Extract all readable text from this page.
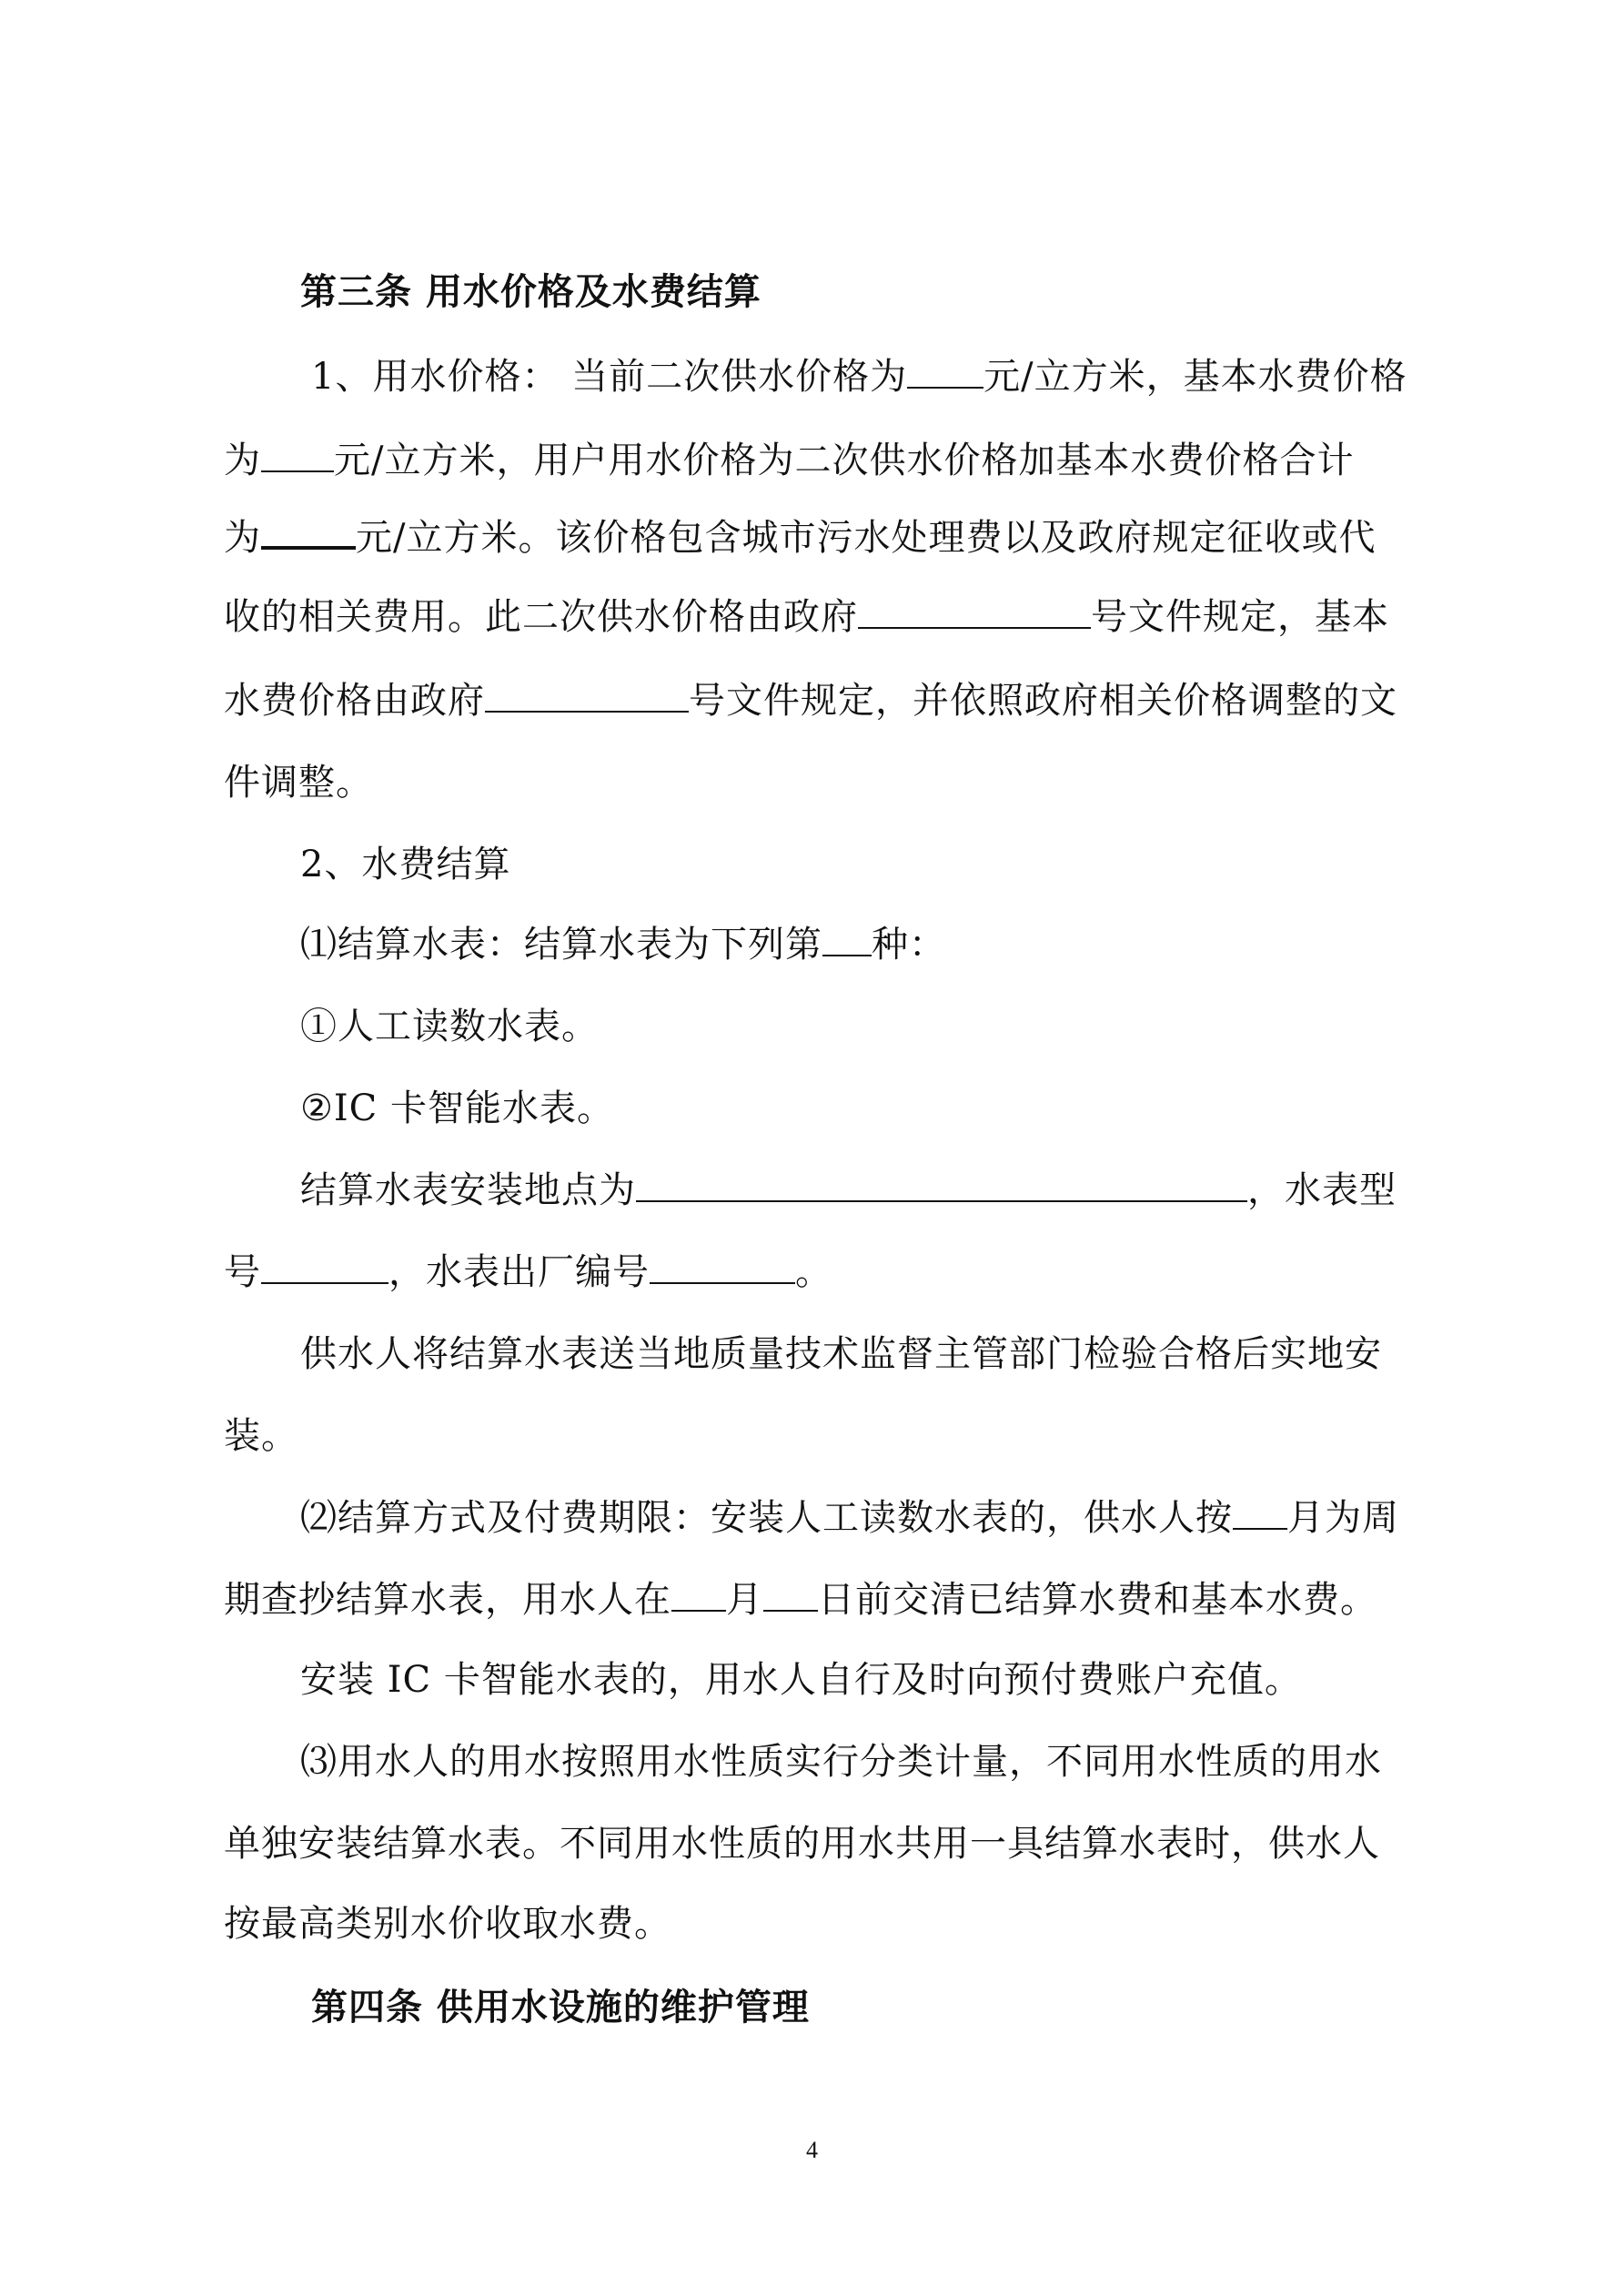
第三条 用水价格及水费结算
1、用水价格： 当前二次供水价格为 元/立方米，基本水费价格
为 元/立方米，用户用水价格为二次供水价格加基本水费价格合计
为	元/立方米。该价格包含城市污水处理费以及政府规定征收或代
收的相关费用。此二次供水价格由政府	号文件规定，基本
水费价格由政府	号文件规定，并依照政府相关价格调整的文
件调整。
2、水费结算
⑴结算水表：结算水表为下列第 种：
①人工读数水表。
②IC 卡智能水表。
结算水表安装地点为	，水表型
号	，水表出厂编号	。
供水人将结算水表送当地质量技术监督主管部门检验合格后实地安
装。
⑵结算方式及付费期限：安装人工读数水表的，供水人按 月为周
期查抄结算水表，用水人在 月 日前交清已结算水费和基本水费。
安装 IC 卡智能水表的，用水人自行及时向预付费账户充值。
⑶用水人的用水按照用水性质实行分类计量，不同用水性质的用水
单独安装结算水表。不同用水性质的用水共用一具结算水表时，供水人
按最高类别水价收取水费。
第四条 供用水设施的维护管理
4
